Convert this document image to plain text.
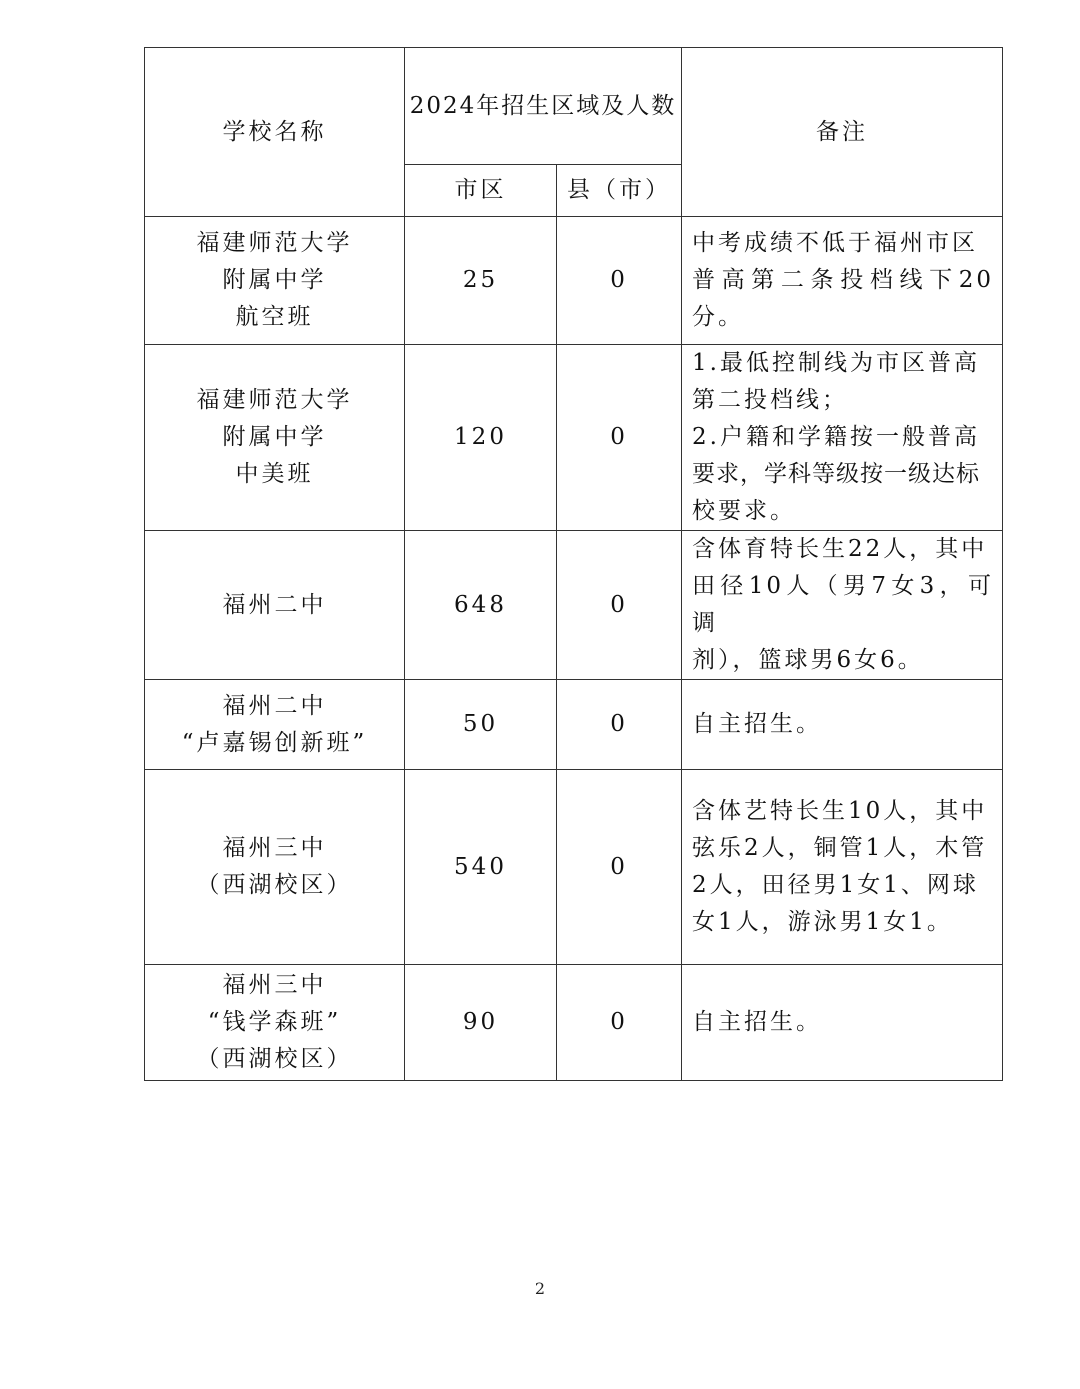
学校名称	2024年招生区域及人数		备注
	市区	县（市）	

福建师范大学
附属中学
航空班	25	0	中考成绩不低于福州市区
普高第二条投档线下20分。

福建师范大学
附属中学
中美班	120	0	1.最低控制线为市区普高
第二投档线；
2.户籍和学籍按一般普高
要求，学科等级按一级达标
校要求。

福州二中	648	0	含体育特长生22人，其中
田径10人（男7女3，可调
剂），篮球男6女6。

福州二中
“卢嘉锡创新班”	50	0	自主招生。

福州三中
（西湖校区）	540	0	含体艺特长生10人，其中
弦乐2人，铜管1人，木管
2人，田径男1女1、网球
女1人，游泳男1女1。

福州三中
“钱学森班”
（西湖校区）	90	0	自主招生。
2
